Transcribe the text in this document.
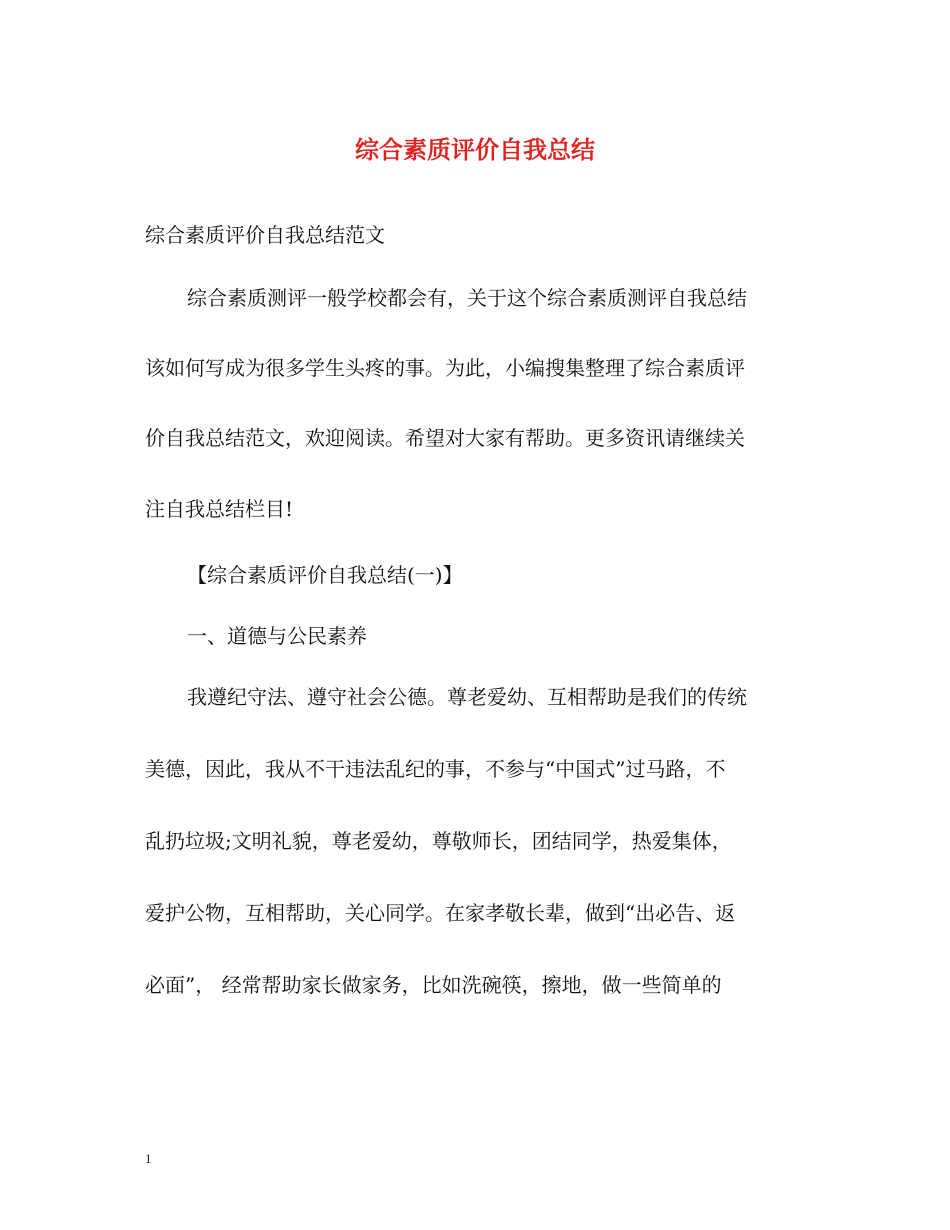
综合素质评价自我总结

综合素质评价自我总结范文

综合素质测评一般学校都会有，关于这个综合素质测评自我总结

该如何写成为很多学生头疼的事。为此，小编搜集整理了综合素质评

价自我总结范文，欢迎阅读。希望对大家有帮助。更多资讯请继续关

注自我总结栏目!

【综合素质评价自我总结(一)】

一、道德与公民素养

我遵纪守法、遵守社会公德。尊老爱幼、互相帮助是我们的传统

美德，因此，我从不干违法乱纪的事，不参与“中国式”过马路，不

乱扔垃圾;文明礼貌，尊老爱幼，尊敬师长，团结同学，热爱集体，

爱护公物，互相帮助，关心同学。在家孝敬长辈，做到“出必告、返

必面”， 经常帮助家长做家务，比如洗碗筷，擦地，做一些简单的

1
